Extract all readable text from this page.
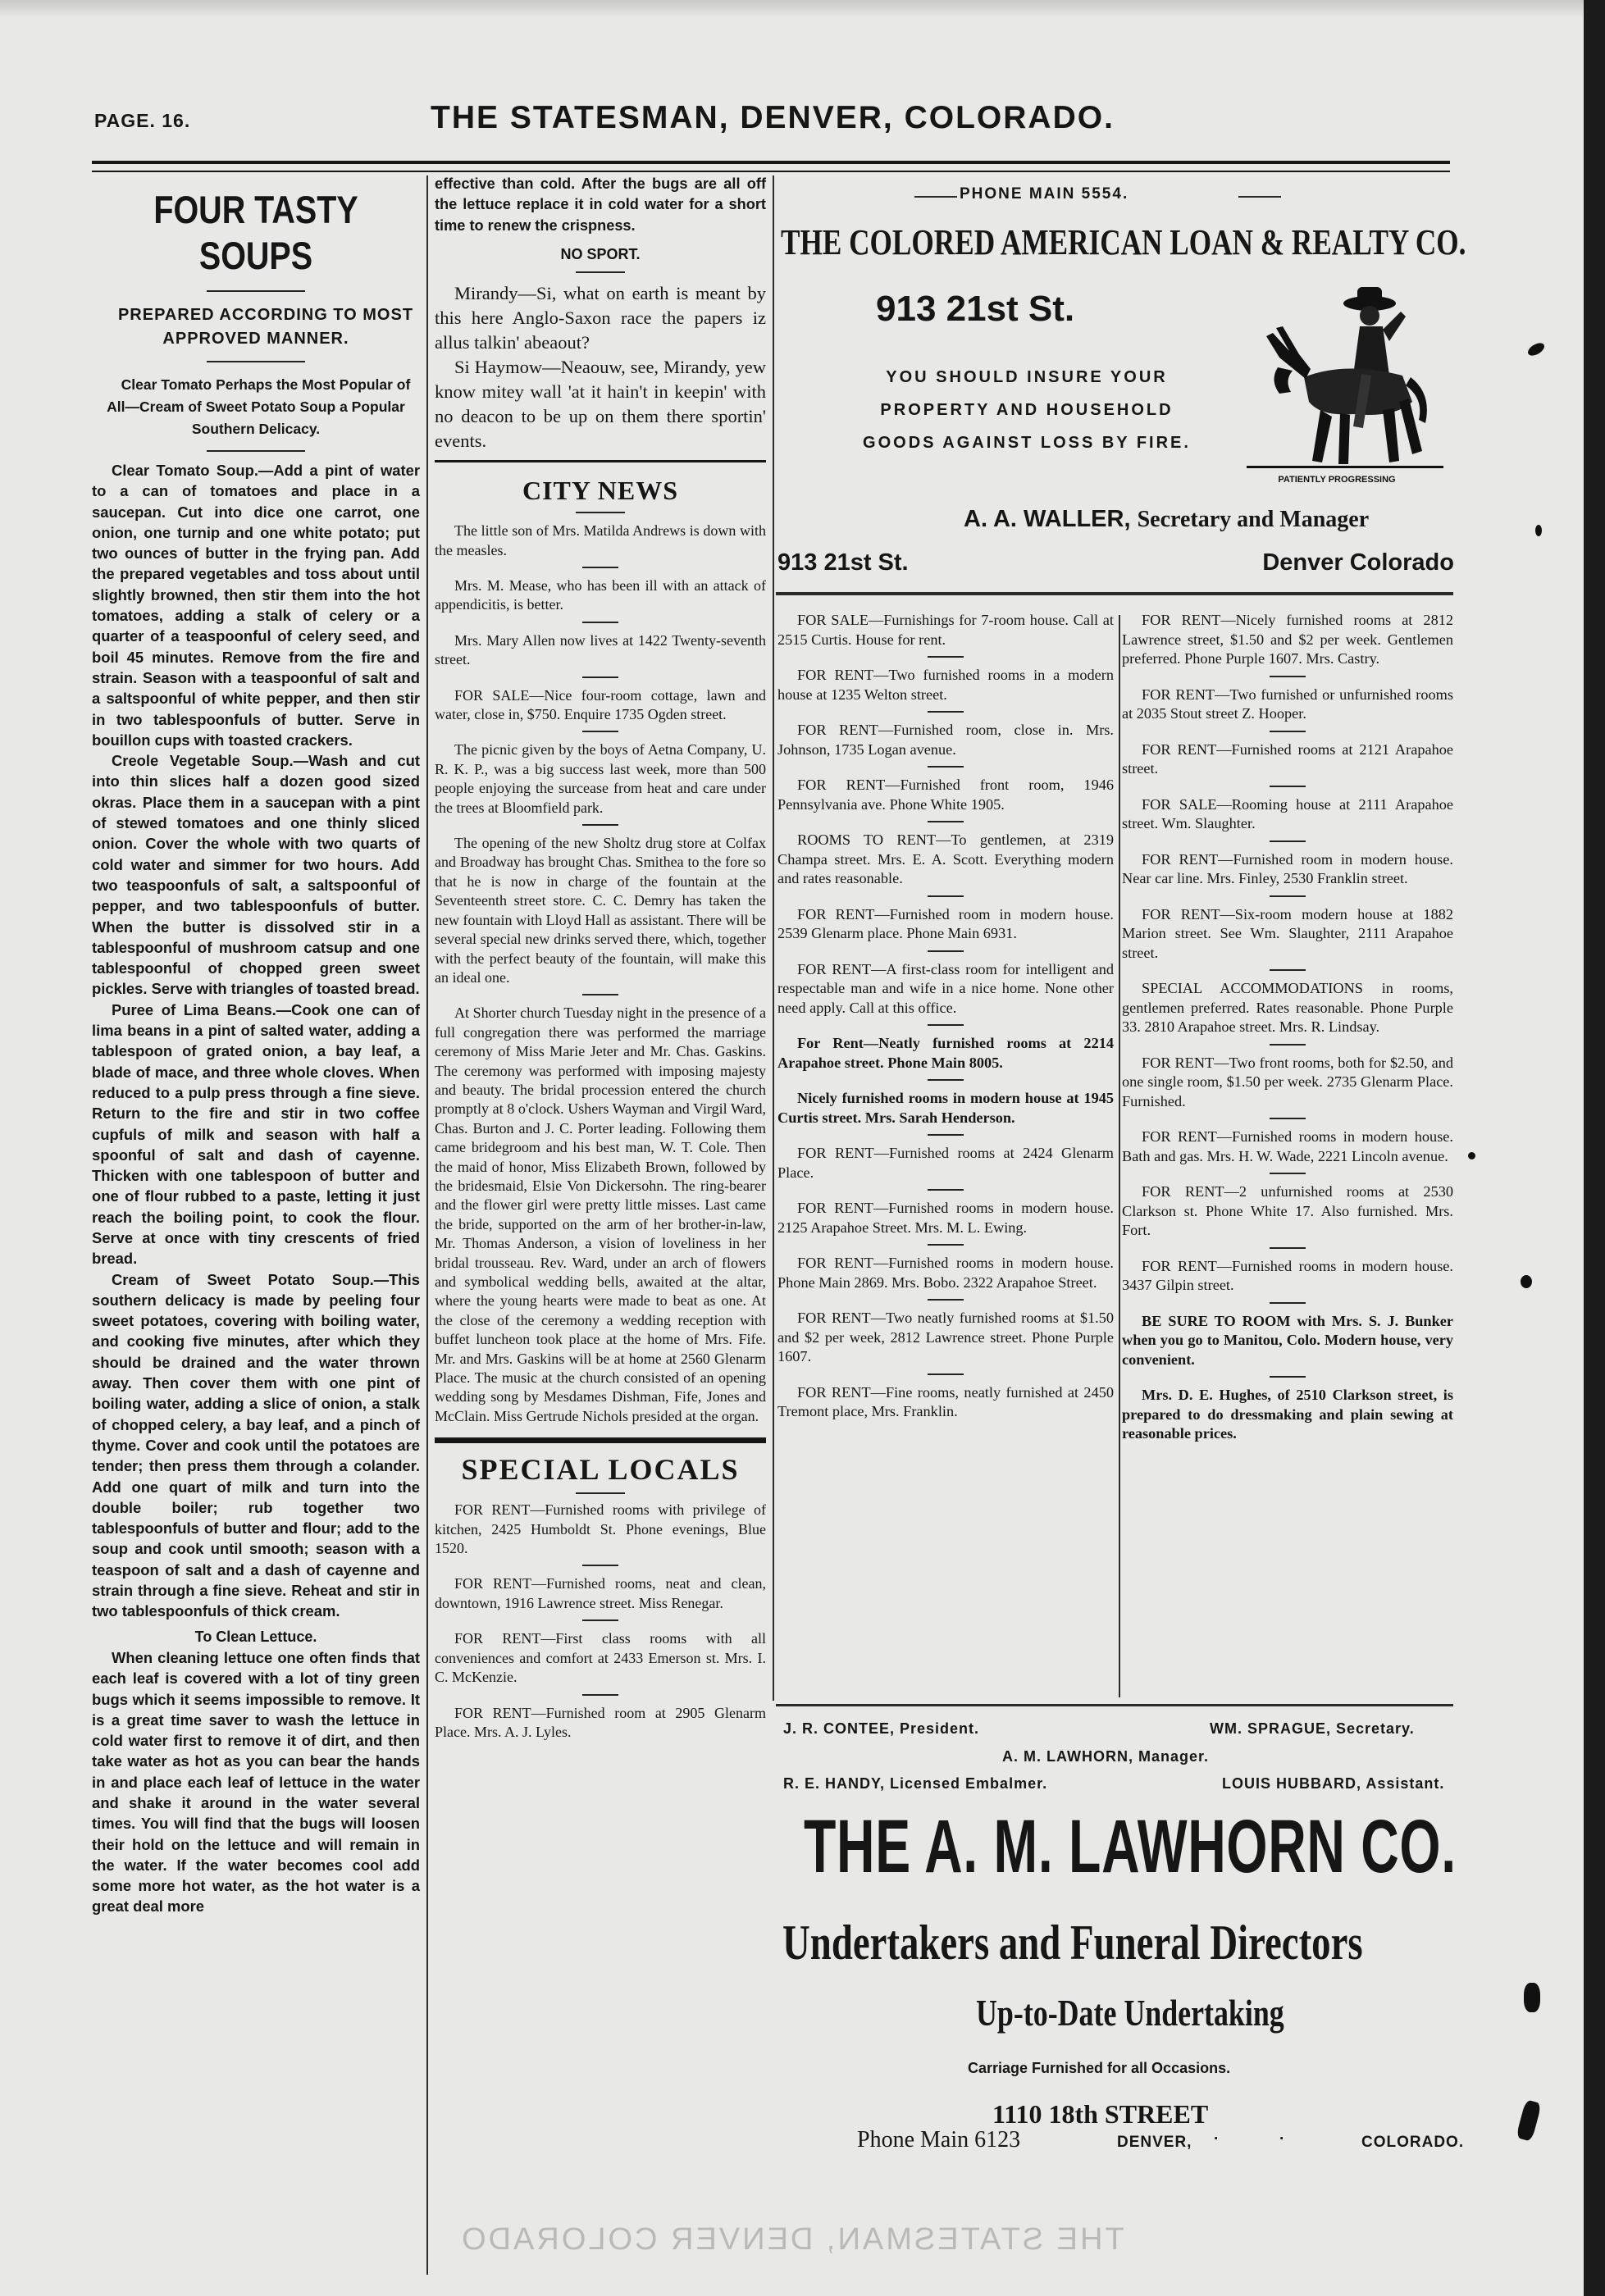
PAGE. 16.	THE STATESMAN, DENVER, COLORADO.
FOUR TASTY SOUPS

PREPARED ACCORDING TO MOST APPROVED MANNER.

Clear Tomato Perhaps the Most Popular of All—Cream of Sweet Potato Soup a Popular Southern Delicacy.

Clear Tomato Soup.—Add a pint of water to a can of tomatoes and place in a saucepan. Cut into dice one carrot, one onion, one turnip and one white potato; put two ounces of butter in the frying pan. Add the prepared vegetables and toss about until slightly browned, then stir them into the hot tomatoes, adding a stalk of celery or a quarter of a teaspoonful of celery seed, and boil 45 minutes. Remove from the fire and strain. Season with a teaspoonful of salt and a saltspoonful of white pepper, and then stir in two tablespoonfuls of butter. Serve in bouillon cups with toasted crackers.

Creole Vegetable Soup.—Wash and cut into thin slices half a dozen good sized okras. Place them in a saucepan with a pint of stewed tomatoes and one thinly sliced onion. Cover the whole with two quarts of cold water and simmer for two hours. Add two teaspoonfuls of salt, a saltspoonful of pepper, and two tablespoonfuls of butter. When the butter is dissolved stir in a tablespoonful of mushroom catsup and one tablespoonful of chopped green sweet pickles. Serve with triangles of toasted bread.

Puree of Lima Beans.—Cook one can of lima beans in a pint of salted water, adding a tablespoon of grated onion, a bay leaf, a blade of mace, and three whole cloves. When reduced to a pulp press through a fine sieve. Return to the fire and stir in two coffee cupfuls of milk and season with half a spoonful of salt and dash of cayenne. Thicken with one tablespoon of butter and one of flour rubbed to a paste, letting it just reach the boiling point, to cook the flour. Serve at once with tiny crescents of fried bread.

Cream of Sweet Potato Soup.—This southern delicacy is made by peeling four sweet potatoes, covering with boiling water, and cooking five minutes, after which they should be drained and the water thrown away. Then cover them with one pint of boiling water, adding a slice of onion, a stalk of chopped celery, a bay leaf, and a pinch of thyme. Cover and cook until the potatoes are tender; then press them through a colander. Add one quart of milk and turn into the double boiler; rub together two tablespoonfuls of butter and flour; add to the soup and cook until smooth; season with a teaspoon of salt and a dash of cayenne and strain through a fine sieve. Reheat and stir in two tablespoonfuls of thick cream.

To Clean Lettuce.

When cleaning lettuce one often finds that each leaf is covered with a lot of tiny green bugs which it seems impossible to remove. It is a great time saver to wash the lettuce in cold water first to remove it of dirt, and then take water as hot as you can bear the hands in and place each leaf of lettuce in the water and shake it around in the water several times. You will find that the bugs will loosen their hold on the lettuce and will remain in the water. If the water becomes cool add some more hot water, as the hot water is a great deal more

effective than cold. After the bugs are all off the lettuce replace it in cold water for a short time to renew the crispness.

NO SPORT.

Mirandy—Si, what on earth is meant by this here Anglo-Saxon race the papers iz allus talkin' abeaout?

Si Haymow—Neaouw, see, Mirandy, yew know mitey wall 'at it hain't in keepin' with no deacon to be up on them there sportin' events.

CITY NEWS

The little son of Mrs. Matilda Andrews is down with the measles.

Mrs. M. Mease, who has been ill with an attack of appendicitis, is better.

Mrs. Mary Allen now lives at 1422 Twenty-seventh street.

FOR SALE—Nice four-room cottage, lawn and water, close in, $750. Enquire 1735 Ogden street.

The picnic given by the boys of Aetna Company, U. R. K. P., was a big success last week, more than 500 people enjoying the surcease from heat and care under the trees at Bloomfield park.

The opening of the new Sholtz drug store at Colfax and Broadway has brought Chas. Smithea to the fore so that he is now in charge of the fountain at the Seventeenth street store. C. C. Demry has taken the new fountain with Lloyd Hall as assistant. There will be several special new drinks served there, which, together with the perfect beauty of the fountain, will make this an ideal one.

At Shorter church Tuesday night in the presence of a full congregation there was performed the marriage ceremony of Miss Marie Jeter and Mr. Chas. Gaskins. The ceremony was performed with imposing majesty and beauty. The bridal procession entered the church promptly at 8 o'clock. Ushers Wayman and Virgil Ward, Chas. Burton and J. C. Porter leading. Following them came bridegroom and his best man, W. T. Cole. Then the maid of honor, Miss Elizabeth Brown, followed by the bridesmaid, Elsie Von Dickersohn. The ring-bearer and the flower girl were pretty little misses. Last came the bride, supported on the arm of her brother-in-law, Mr. Thomas Anderson, a vision of loveliness in her bridal trousseau. Rev. Ward, under an arch of flowers and symbolical wedding bells, awaited at the altar, where the young hearts were made to beat as one. At the close of the ceremony a wedding reception with buffet luncheon took place at the home of Mrs. Fife. Mr. and Mrs. Gaskins will be at home at 2560 Glenarm Place. The music at the church consisted of an opening wedding song by Mesdames Dishman, Fife, Jones and McClain. Miss Gertrude Nichols presided at the organ.

SPECIAL LOCALS

FOR RENT—Furnished rooms with privilege of kitchen, 2425 Humboldt St. Phone evenings, Blue 1520.

FOR RENT—Furnished rooms, neat and clean, downtown, 1916 Lawrence street. Miss Renegar.

FOR RENT—First class rooms with all conveniences and comfort at 2433 Emerson st. Mrs. I. C. McKenzie.

FOR RENT—Furnished room at 2905 Glenarm Place. Mrs. A. J. Lyles.

PHONE MAIN 5554.
THE COLORED AMERICAN LOAN & REALTY CO.
913 21st St.
YOU SHOULD INSURE YOUR
PROPERTY AND HOUSEHOLD
GOODS AGAINST LOSS BY FIRE.
PATIENTLY PROGRESSING
A. A. WALLER, Secretary and Manager
913 21st St.	Denver Colorado

FOR SALE—Furnishings for 7-room house. Call at 2515 Curtis. House for rent.

FOR RENT—Two furnished rooms in a modern house at 1235 Welton street.

FOR RENT—Furnished room, close in. Mrs. Johnson, 1735 Logan avenue.

FOR RENT—Furnished front room, 1946 Pennsylvania ave. Phone White 1905.

ROOMS TO RENT—To gentlemen, at 2319 Champa street. Mrs. E. A. Scott. Everything modern and rates reasonable.

FOR RENT—Furnished room in modern house. 2539 Glenarm place. Phone Main 6931.

FOR RENT—A first-class room for intelligent and respectable man and wife in a nice home. None other need apply. Call at this office.

For Rent—Neatly furnished rooms at 2214 Arapahoe street. Phone Main 8005.

Nicely furnished rooms in modern house at 1945 Curtis street. Mrs. Sarah Henderson.

FOR RENT—Furnished rooms at 2424 Glenarm Place.

FOR RENT—Furnished rooms in modern house. 2125 Arapahoe Street. Mrs. M. L. Ewing.

FOR RENT—Furnished rooms in modern house. Phone Main 2869. Mrs. Bobo. 2322 Arapahoe Street.

FOR RENT—Two neatly furnished rooms at $1.50 and $2 per week, 2812 Lawrence street. Phone Purple 1607.

FOR RENT—Fine rooms, neatly furnished at 2450 Tremont place, Mrs. Franklin.

FOR RENT—Nicely furnished rooms at 2812 Lawrence street, $1.50 and $2 per week. Gentlemen preferred. Phone Purple 1607. Mrs. Castry.

FOR RENT—Two furnished or unfurnished rooms at 2035 Stout street Z. Hooper.

FOR RENT—Furnished rooms at 2121 Arapahoe street.

FOR SALE—Rooming house at 2111 Arapahoe street. Wm. Slaughter.

FOR RENT—Furnished room in modern house. Near car line. Mrs. Finley, 2530 Franklin street.

FOR RENT—Six-room modern house at 1882 Marion street. See Wm. Slaughter, 2111 Arapahoe street.

SPECIAL ACCOMMODATIONS in rooms, gentlemen preferred. Rates reasonable. Phone Purple 33. 2810 Arapahoe street. Mrs. R. Lindsay.

FOR RENT—Two front rooms, both for $2.50, and one single room, $1.50 per week. 2735 Glenarm Place. Furnished.

FOR RENT—Furnished rooms in modern house. Bath and gas. Mrs. H. W. Wade, 2221 Lincoln avenue.

FOR RENT—2 unfurnished rooms at 2530 Clarkson st. Phone White 17. Also furnished. Mrs. Fort.

FOR RENT—Furnished rooms in modern house. 3437 Gilpin street.

BE SURE TO ROOM with Mrs. S. J. Bunker when you go to Manitou, Colo. Modern house, very convenient.

Mrs. D. E. Hughes, of 2510 Clarkson street, is prepared to do dressmaking and plain sewing at reasonable prices.

J. R. CONTEE, President.	WM. SPRAGUE, Secretary.
A. M. LAWHORN, Manager.
R. E. HANDY, Licensed Embalmer.	LOUIS HUBBARD, Assistant.
THE A. M. LAWHORN CO.
Undertakers and Funeral Directors
Up-to-Date Undertaking
Carriage Furnished for all Occasions.
1110 18th STREET
Phone Main 6123	DENVER, ·	·	COLORADO.
THE STATESMAN, DENVER COLORADO
